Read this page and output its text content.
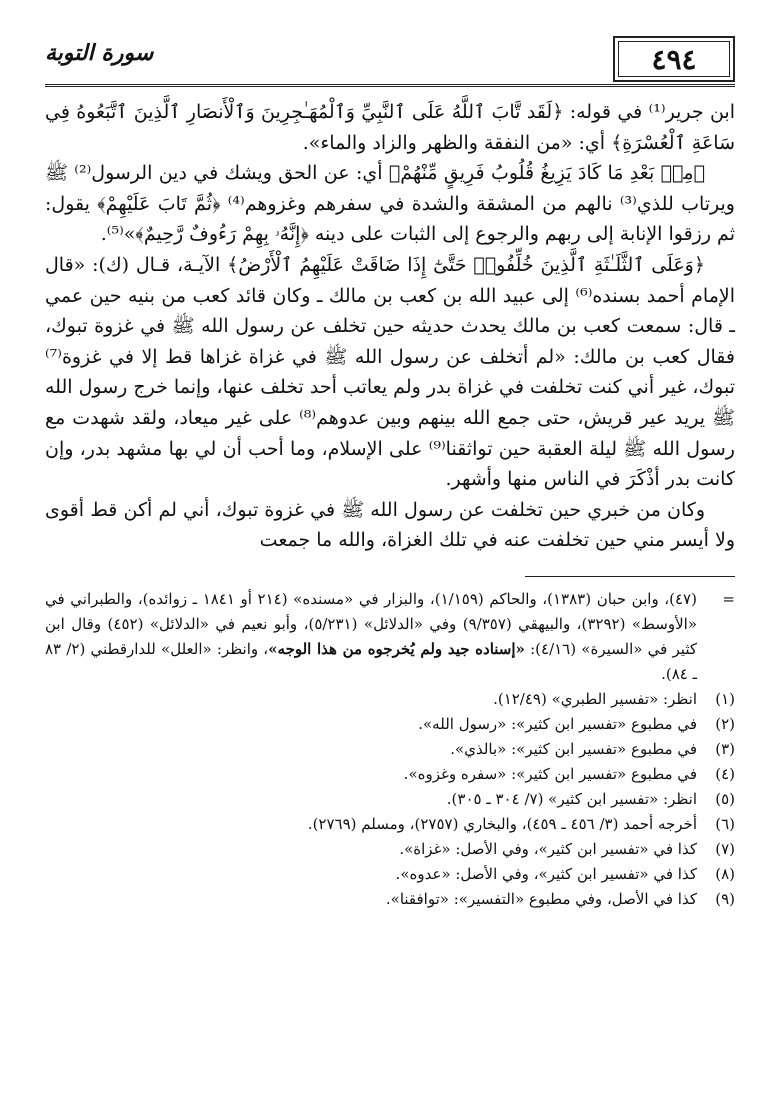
٤٩٤
سورة التوبة

ابن جرير⁽¹⁾ في قوله: ﴿لَقَد تَّابَ ٱللَّهُ عَلَى ٱلنَّبِيِّ وَٱلْمُهَـٰجِرِينَ وَٱلْأَنصَارِ ٱلَّذِينَ ٱتَّبَعُوهُ فِي سَاعَةِ ٱلْعُسْرَةِ﴾ أي: «من النفقة والظهر والزاد والماء».

﴿مِنۢ بَعْدِ مَا كَادَ يَزِيغُ قُلُوبُ فَرِيقٍ مِّنْهُمْ﴾ أي: عن الحق ويشك في دين الرسول⁽²⁾ ﷺ ويرتاب للذي⁽³⁾ نالهم من المشقة والشدة في سفرهم وغزوهم⁽⁴⁾ ﴿ثُمَّ تَابَ عَلَيْهِمْ﴾ يقول: ثم رزقوا الإنابة إلى ربهم والرجوع إلى الثبات على دينه ﴿إِنَّهُۥ بِهِمْ رَءُوفٌ رَّحِيمٌ﴾»⁽⁵⁾.

﴿وَعَلَى ٱلثَّلَـٰثَةِ ٱلَّذِينَ خُلِّفُوا۟ حَتَّىٰٓ إِذَا ضَاقَتْ عَلَيْهِمُ ٱلْأَرْضُ﴾ الآيـة، قـال (ك): «قال الإمام أحمد بسنده⁽⁶⁾ إلى عبيد الله بن كعب بن مالك ـ وكان قائد كعب من بنيه حين عمي ـ قال: سمعت كعب بن مالك يحدث حديثه حين تخلف عن رسول الله ﷺ في غزوة تبوك، فقال كعب بن مالك: «لم أتخلف عن رسول الله ﷺ في غزاة غزاها قط إلا في غزوة⁽⁷⁾ تبوك، غير أني كنت تخلفت في غزاة بدر ولم يعاتب أحد تخلف عنها، وإنما خرج رسول الله ﷺ يريد عير قريش، حتى جمع الله بينهم وبين عدوهم⁽⁸⁾ على غير ميعاد، ولقد شهدت مع رسول الله ﷺ ليلة العقبة حين تواثقنا⁽⁹⁾ على الإسلام، وما أحب أن لي بها مشهد بدر، وإن كانت بدر أذْكَرَ في الناس منها وأشهر.

وكان من خبري حين تخلفت عن رسول الله ﷺ في غزوة تبوك، أني لم أكن قط أقوى ولا أيسر مني حين تخلفت عنه في تلك الغزاة، والله ما جمعت

=
(٤٧)، وابن حبان (١٣٨٣)، والحاكم (١/١٥٩)، والبزار في «مسنده» (٢١٤ أو ١٨٤١ ـ زوائده)، والطبراني في «الأوسط» (٣٢٩٢)، والبيهقي (٩/٣٥٧) وفي «الدلائل» (٥/٢٣١)، وأبو نعيم في «الدلائل» (٤٥٢) وقال ابن كثير في «السيرة» (٤/١٦): «إسناده جيد ولم يُخرجوه من هذا الوجه»، وانظر: «العلل» للدارقطني (٢/ ٨٣ ـ ٨٤).
(١)
انظر: «تفسير الطبري» (١٢/٤٩).
(٢)
في مطبوع «تفسير ابن كثير»: «رسول الله».
(٣)
في مطبوع «تفسير ابن كثير»: «بالذي».
(٤)
في مطبوع «تفسير ابن كثير»: «سفره وغزوه».
(٥)
انظر: «تفسير ابن كثير» (٧/ ٣٠٤ ـ ٣٠٥).
(٦)
أخرجه أحمد (٣/ ٤٥٦ ـ ٤٥٩)، والبخاري (٢٧٥٧)، ومسلم (٢٧٦٩).
(٧)
كذا في «تفسير ابن كثير»، وفي الأصل: «غزاة».
(٨)
كذا في «تفسير ابن كثير»، وفي الأصل: «عدوه».
(٩)
كذا في الأصل، وفي مطبوع «التفسير»: «توافقنا».
